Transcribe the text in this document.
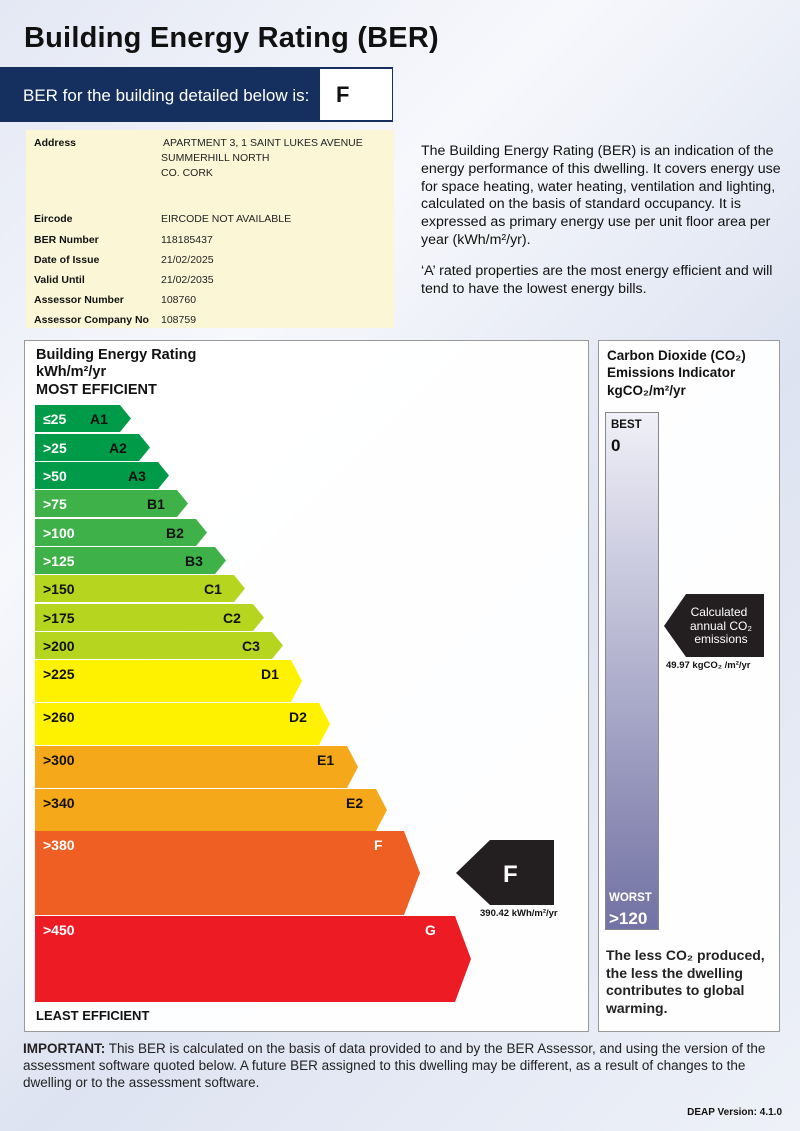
Building Energy Rating (BER)
BER for the building detailed below is: F
Address	APARTMENT 3, 1 SAINT LUKES AVENUE
SUMMERHILL NORTH
CO. CORK
Eircode	EIRCODE NOT AVAILABLE
BER Number	118185437
Date of Issue	21/02/2025
Valid Until	21/02/2035
Assessor Number	108760
Assessor Company No 108759

The Building Energy Rating (BER) is an indication of the energy performance of this dwelling. It covers energy use for space heating, water heating, ventilation and lighting, calculated on the basis of standard occupancy. It is expressed as primary energy use per unit floor area per year (kWh/m²/yr).

‘A’ rated properties are the most energy efficient and will tend to have the lowest energy bills.

Building Energy Rating
kWh/m²/yr
MOST EFFICIENT
≤25 A1
>25	A2
>50	A3
>75	B1
>100	B2
>125	B3
>150	C1
>175	C2
>200	C3
>225	D1
>260	D2
>300	E1
>340	E2
>380	F
>450	G
F
390.42 kWh/m²/yr
LEAST EFFICIENT
Carbon Dioxide (CO₂)
Emissions Indicator
kgCO₂/m²/yr
BEST
0
WORST
>120
Calculated
annual CO₂
emissions
49.97 kgCO₂ /m²/yr
The less CO₂ produced, the less the dwelling contributes to global warming.
IMPORTANT: This BER is calculated on the basis of data provided to and by the BER Assessor, and using the version of the assessment software quoted below. A future BER assigned to this dwelling may be different, as a result of changes to the dwelling or to the assessment software.
DEAP Version: 4.1.0
